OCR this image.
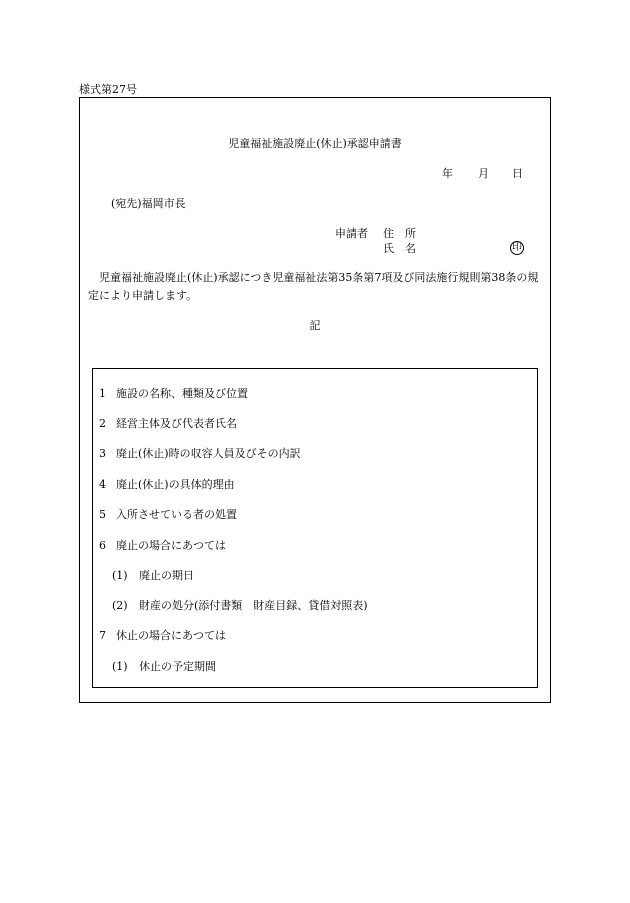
様式第27号
児童福祉施設廃止(休止)承認申請書
年 月 日
(宛先)福岡市長
申請者 住　所
氏　名	印
児童福祉施設廃止(休止)承認につき児童福祉法第35条第7項及び同法施行規則第38条の規定により申請します。
記
1 施設の名称、種類及び位置
2 経営主体及び代表者氏名
3 廃止(休止)時の収容人員及びその内訳
4 廃止(休止)の具体的理由
5 入所させている者の処置
6 廃止の場合にあつては
(1) 廃止の期日
(2) 財産の処分(添付書類　財産目録、貸借対照表)
7 休止の場合にあつては
(1) 休止の予定期間
